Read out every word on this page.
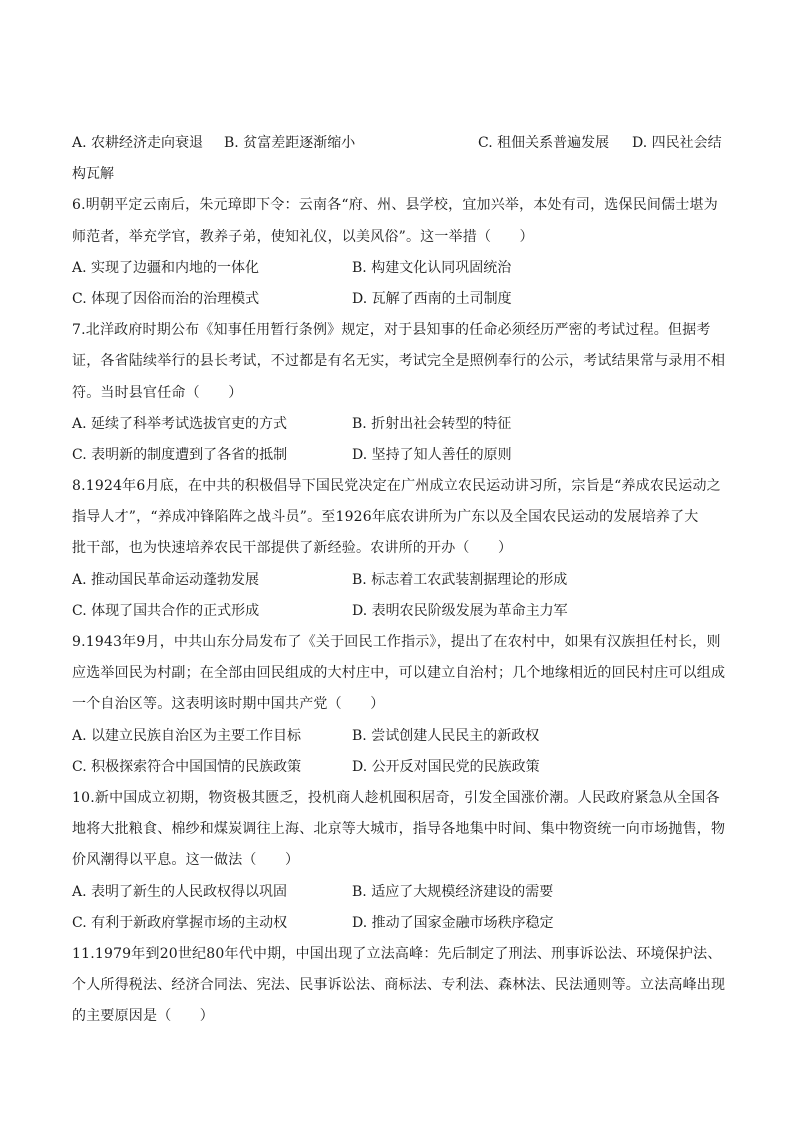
A. 农耕经济走向衰退 B. 贫富差距逐渐缩小	C. 租佃关系普遍发展 D. 四民社会结
构瓦解
6.明朝平定云南后，朱元璋即下令：云南各“府、州、县学校，宜加兴举，本处有司，选保民间儒士堪为
师范者，举充学官，教养子弟，使知礼仪，以美风俗”。这一举措（　　）
A. 实现了边疆和内地的一体化	B. 构建文化认同巩固统治
C. 体现了因俗而治的治理模式	D. 瓦解了西南的土司制度
7.北洋政府时期公布《知事任用暂行条例》规定，对于县知事的任命必须经历严密的考试过程。但据考
证，各省陆续举行的县长考试，不过都是有名无实，考试完全是照例奉行的公示，考试结果常与录用不相
符。当时县官任命（　　）
A. 延续了科举考试选拔官吏的方式	B. 折射出社会转型的特征
C. 表明新的制度遭到了各省的抵制	D. 坚持了知人善任的原则
8.1924年6月底，在中共的积极倡导下国民党决定在广州成立农民运动讲习所，宗旨是“养成农民运动之
指导人才”，“养成冲锋陷阵之战斗员”。至1926年底农讲所为广东以及全国农民运动的发展培养了大
批干部，也为快速培养农民干部提供了新经验。农讲所的开办（　　）
A. 推动国民革命运动蓬勃发展	B. 标志着工农武装割据理论的形成
C. 体现了国共合作的正式形成	D. 表明农民阶级发展为革命主力军
9.1943年9月，中共山东分局发布了《关于回民工作指示》，提出了在农村中，如果有汉族担任村长，则
应选举回民为村副；在全部由回民组成的大村庄中，可以建立自治村；几个地缘相近的回民村庄可以组成
一个自治区等。这表明该时期中国共产党（　　）
A. 以建立民族自治区为主要工作目标	B. 尝试创建人民民主的新政权
C. 积极探索符合中国国情的民族政策	D. 公开反对国民党的民族政策
10.新中国成立初期，物资极其匮乏，投机商人趁机囤积居奇，引发全国涨价潮。人民政府紧急从全国各
地将大批粮食、棉纱和煤炭调往上海、北京等大城市，指导各地集中时间、集中物资统一向市场抛售，物
价风潮得以平息。这一做法（　　）
A. 表明了新生的人民政权得以巩固	B. 适应了大规模经济建设的需要
C. 有利于新政府掌握市场的主动权	D. 推动了国家金融市场秩序稳定
11.1979年到20世纪80年代中期，中国出现了立法高峰：先后制定了刑法、刑事诉讼法、环境保护法、
个人所得税法、经济合同法、宪法、民事诉讼法、商标法、专利法、森林法、民法通则等。立法高峰出现
的主要原因是（　　）
